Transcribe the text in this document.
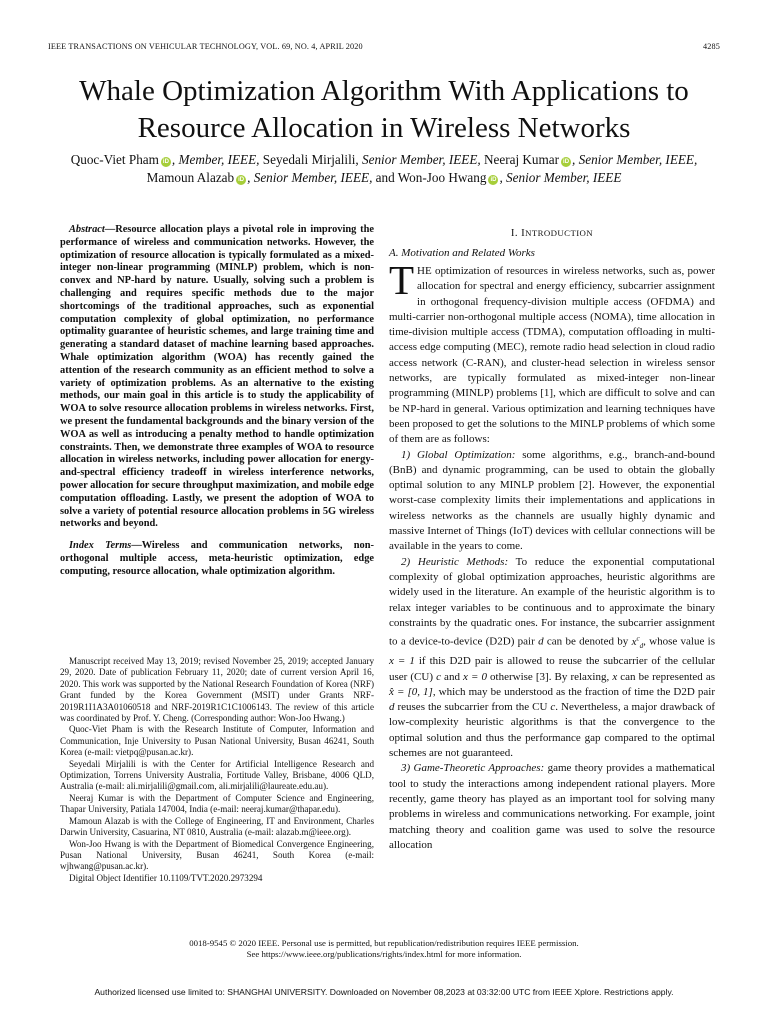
IEEE TRANSACTIONS ON VEHICULAR TECHNOLOGY, VOL. 69, NO. 4, APRIL 2020	4285
Whale Optimization Algorithm With Applications to
Resource Allocation in Wireless Networks
Quoc-Viet Pham iD , Member, IEEE, Seyedali Mirjalili, Senior Member, IEEE, Neeraj Kumar iD , Senior Member, IEEE,
Mamoun Alazab iD , Senior Member, IEEE, and Won-Joo Hwang iD , Senior Member, IEEE

Abstract—Resource allocation plays a pivotal role in improving the performance of wireless and communication networks. However, the optimization of resource allocation is typically formulated as a mixed-integer non-linear programming (MINLP) problem, which is non-convex and NP-hard by nature. Usually, solving such a problem is challenging and requires specific methods due to the major shortcomings of the traditional approaches, such as exponential computation complexity of global optimization, no performance optimality guarantee of heuristic schemes, and large training time and generating a standard dataset of machine learning based approaches. Whale optimization algorithm (WOA) has recently gained the attention of the research community as an efficient method to solve a variety of optimization problems. As an alternative to the existing methods, our main goal in this article is to study the applicability of WOA to solve resource allocation problems in wireless networks. First, we present the fundamental backgrounds and the binary version of the WOA as well as introducing a penalty method to handle optimization constraints. Then, we demonstrate three examples of WOA to resource allocation in wireless networks, including power allocation for energy-and-spectral efficiency tradeoff in wireless interference networks, power allocation for secure throughput maximization, and mobile edge computation offloading. Lastly, we present the adoption of WOA to solve a variety of potential resource allocation problems in 5G wireless networks and beyond.

Index Terms—Wireless and communication networks, non-orthogonal multiple access, meta-heuristic optimization, edge computing, resource allocation, whale optimization algorithm.

Manuscript received May 13, 2019; revised November 25, 2019; accepted January 29, 2020. Date of publication February 11, 2020; date of current version April 16, 2020. This work was supported by the National Research Foundation of Korea (NRF) Grant funded by the Korea Government (MSIT) under Grants NRF-2019R1I1A3A01060518 and NRF-2019R1C1C1006143. The review of this article was coordinated by Prof. Y. Cheng. (Corresponding author: Won-Joo Hwang.)

Quoc-Viet Pham is with the Research Institute of Computer, Information and Communication, Inje University to Pusan National University, Busan 46241, South Korea (e-mail: vietpq@pusan.ac.kr).

Seyedali Mirjalili is with the Center for Artificial Intelligence Research and Optimization, Torrens University Australia, Fortitude Valley, Brisbane, 4006 QLD, Australia (e-mail: ali.mirjalili@gmail.com, ali.mirjalili@laureate.edu.au).

Neeraj Kumar is with the Department of Computer Science and Engineering, Thapar University, Patiala 147004, India (e-mail: neeraj.kumar@thapar.edu).

Mamoun Alazab is with the College of Engineering, IT and Environment, Charles Darwin University, Casuarina, NT 0810, Australia (e-mail: alazab.m@ieee.org).

Won-Joo Hwang is with the Department of Biomedical Convergence Engineering, Pusan National University, Busan 46241, South Korea (e-mail: wjhwang@pusan.ac.kr).

Digital Object Identifier 10.1109/TVT.2020.2973294

I. INTRODUCTION
A. Motivation and Related Works

THE optimization of resources in wireless networks, such as, power allocation for spectral and energy efficiency, subcarrier assignment in orthogonal frequency-division multiple access (OFDMA) and multi-carrier non-orthogonal multiple access (NOMA), time allocation in time-division multiple access (TDMA), computation offloading in multi-access edge computing (MEC), remote radio head selection in cloud radio access network (C-RAN), and cluster-head selection in wireless sensor networks, are typically formulated as mixed-integer non-linear programming (MINLP) problems [1], which are difficult to solve and can be NP-hard in general. Various optimization and learning techniques have been proposed to get the solutions to the MINLP problems of which some of them are as follows:

1) Global Optimization: some algorithms, e.g., branch-and-bound (BnB) and dynamic programming, can be used to obtain the globally optimal solution to any MINLP problem [2]. However, the exponential worst-case complexity limits their implementations and applications in wireless networks as the channels are usually highly dynamic and massive Internet of Things (IoT) devices with cellular connections will be available in the years to come.

2) Heuristic Methods: To reduce the exponential computational complexity of global optimization approaches, heuristic algorithms are widely used in the literature. An example of the heuristic algorithm is to relax integer variables to be continuous and to approximate the binary constraints by the quadratic ones. For instance, the subcarrier assignment to a device-to-device (D2D) pair d can be denoted by $x^c_d$, whose value is x = 1 if this D2D pair is allowed to reuse the subcarrier of the cellular user (CU) c and x = 0 otherwise [3]. By relaxing, x can be represented as x̂ = [0, 1], which may be understood as the fraction of time the D2D pair d reuses the subcarrier from the CU c. Nevertheless, a major drawback of low-complexity heuristic algorithms is that the convergence to the optimal solution and thus the performance gap compared to the optimal schemes are not guaranteed.

3) Game-Theoretic Approaches: game theory provides a mathematical tool to study the interactions among independent rational players. More recently, game theory has played as an important tool for solving many problems in wireless and communications networking. For example, joint matching theory and coalition game was used to solve the resource allocation

0018-9545 © 2020 IEEE. Personal use is permitted, but republication/redistribution requires IEEE permission.
See https://www.ieee.org/publications/rights/index.html for more information.
Authorized licensed use limited to: SHANGHAI UNIVERSITY. Downloaded on November 08,2023 at 03:32:00 UTC from IEEE Xplore. Restrictions apply.
